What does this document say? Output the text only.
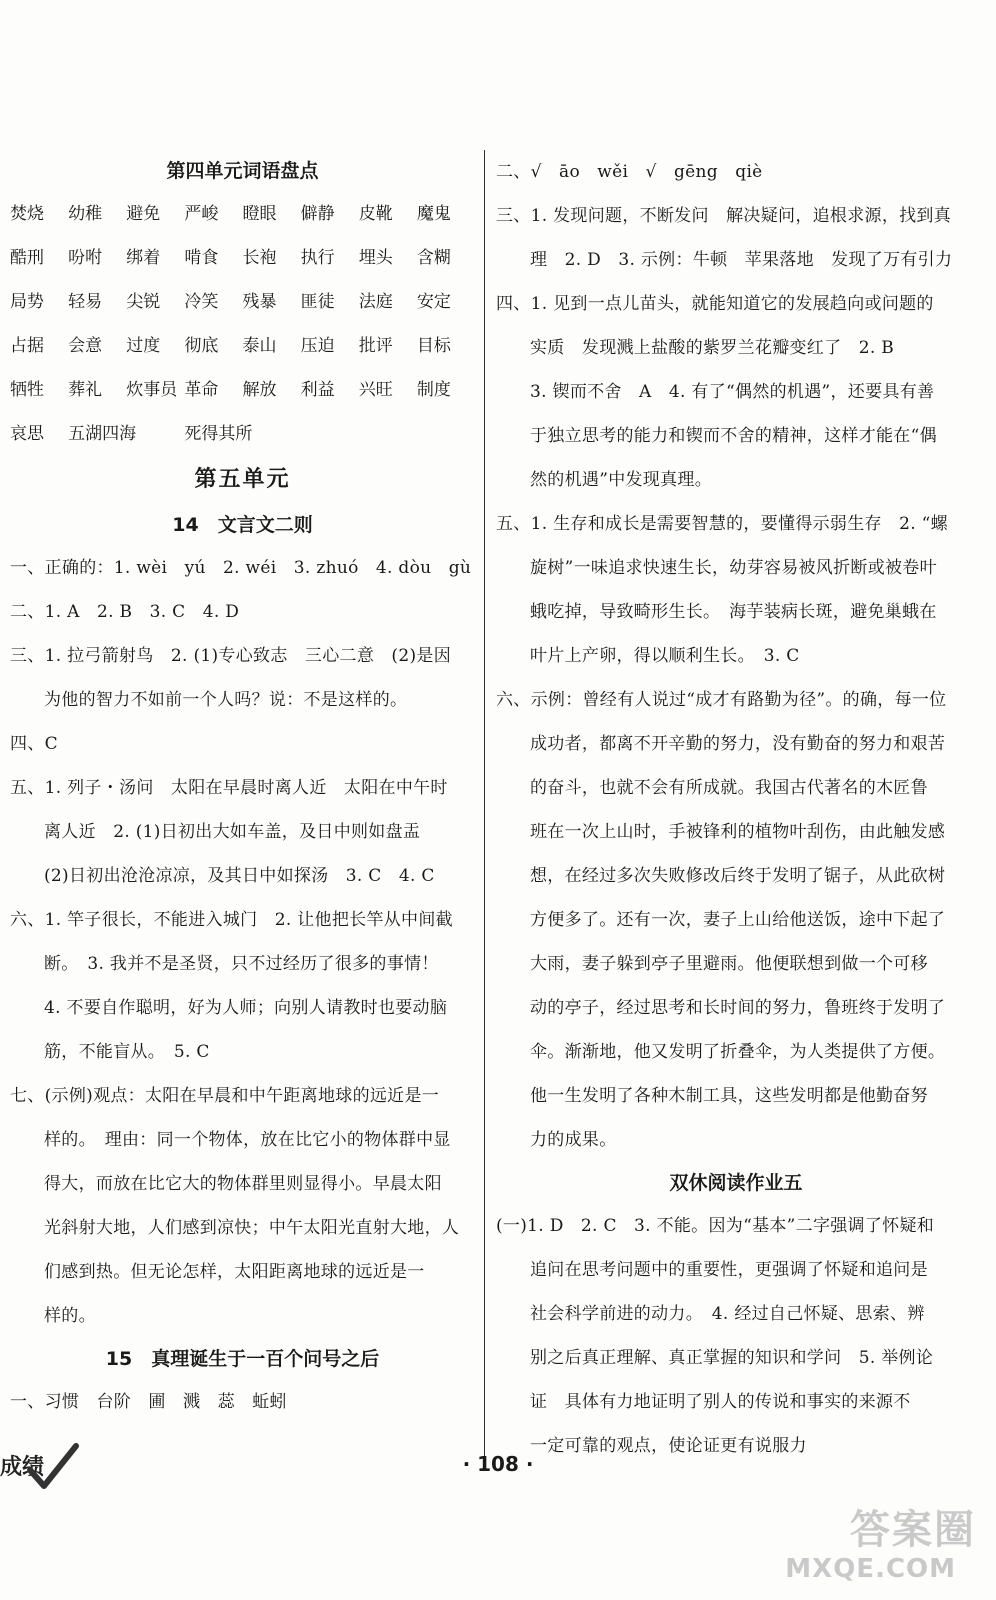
第四单元词语盘点
焚烧	幼稚	避免	严峻	瞪眼	僻静	皮靴	魔鬼
酷刑	吩咐	绑着	啃食	长袍	执行	埋头	含糊
局势	轻易	尖锐	冷笑	残暴	匪徒	法庭	安定
占据	会意	过度	彻底	泰山	压迫	批评	目标
牺牲	葬礼	炊事员 革命	解放	利益	兴旺	制度
哀思	五湖四海	死得其所
第五单元
14　文言文二则
一、正确的：1. wèi　yú　2. wéi　3. zhuó　4. dòu　gù
二、1. A　2. B　3. C　4. D
三、1. 拉弓箭射鸟　2. (1)专心致志　三心二意　(2)是因
为他的智力不如前一个人吗？说：不是这样的。
四、C
五、1. 列子・汤问　太阳在早晨时离人近　太阳在中午时
离人近　2. (1)日初出大如车盖，及日中则如盘盂
(2)日初出沧沧凉凉，及其日中如探汤　3. C　4. C
六、1. 竿子很长，不能进入城门　2. 让他把长竿从中间截
断。　3. 我并不是圣贤，只不过经历了很多的事情！
4. 不要自作聪明，好为人师；向别人请教时也要动脑
筋，不能盲从。　5. C
七、(示例)观点：太阳在早晨和中午距离地球的远近是一
样的。　理由：同一个物体，放在比它小的物体群中显
得大，而放在比它大的物体群里则显得小。早晨太阳
光斜射大地，人们感到凉快；中午太阳光直射大地，人
们感到热。但无论怎样，太阳距离地球的远近是一
样的。
15　真理诞生于一百个问号之后
一、习惯　台阶　圃　溅　蕊　蚯蚓
二、√　āo　wěi　√　gēng　qiè
三、1. 发现问题，不断发问　解决疑问，追根求源，找到真
理　2. D　3. 示例：牛顿　苹果落地　发现了万有引力
四、1. 见到一点儿苗头，就能知道它的发展趋向或问题的
实质　发现溅上盐酸的紫罗兰花瓣变红了　2. B
3. 锲而不舍　A　4. 有了“偶然的机遇”，还要具有善
于独立思考的能力和锲而不舍的精神，这样才能在“偶
然的机遇”中发现真理。
五、1. 生存和成长是需要智慧的，要懂得示弱生存　2. “螺
旋树”一味追求快速生长，幼芽容易被风折断或被卷叶
蛾吃掉，导致畸形生长。　海芋装病长斑，避免巢蛾在
叶片上产卵，得以顺利生长。　3. C
六、示例：曾经有人说过“成才有路勤为径”。的确，每一位
成功者，都离不开辛勤的努力，没有勤奋的努力和艰苦
的奋斗，也就不会有所成就。我国古代著名的木匠鲁
班在一次上山时，手被锋利的植物叶刮伤，由此触发感
想，在经过多次失败修改后终于发明了锯子，从此砍树
方便多了。还有一次，妻子上山给他送饭，途中下起了
大雨，妻子躲到亭子里避雨。他便联想到做一个可移
动的亭子，经过思考和长时间的努力，鲁班终于发明了
伞。渐渐地，他又发明了折叠伞，为人类提供了方便。
他一生发明了各种木制工具，这些发明都是他勤奋努
力的成果。
双休阅读作业五
(一)1. D　2. C　3. 不能。因为“基本”二字强调了怀疑和
追问在思考问题中的重要性，更强调了怀疑和追问是
社会科学前进的动力。　4. 经过自己怀疑、思索、辨
别之后真正理解、真正掌握的知识和学问　5. 举例论
证　具体有力地证明了别人的传说和事实的来源不
一定可靠的观点，使论证更有说服力
成绩	· 108 ·
答案圈
MXQE.COM
